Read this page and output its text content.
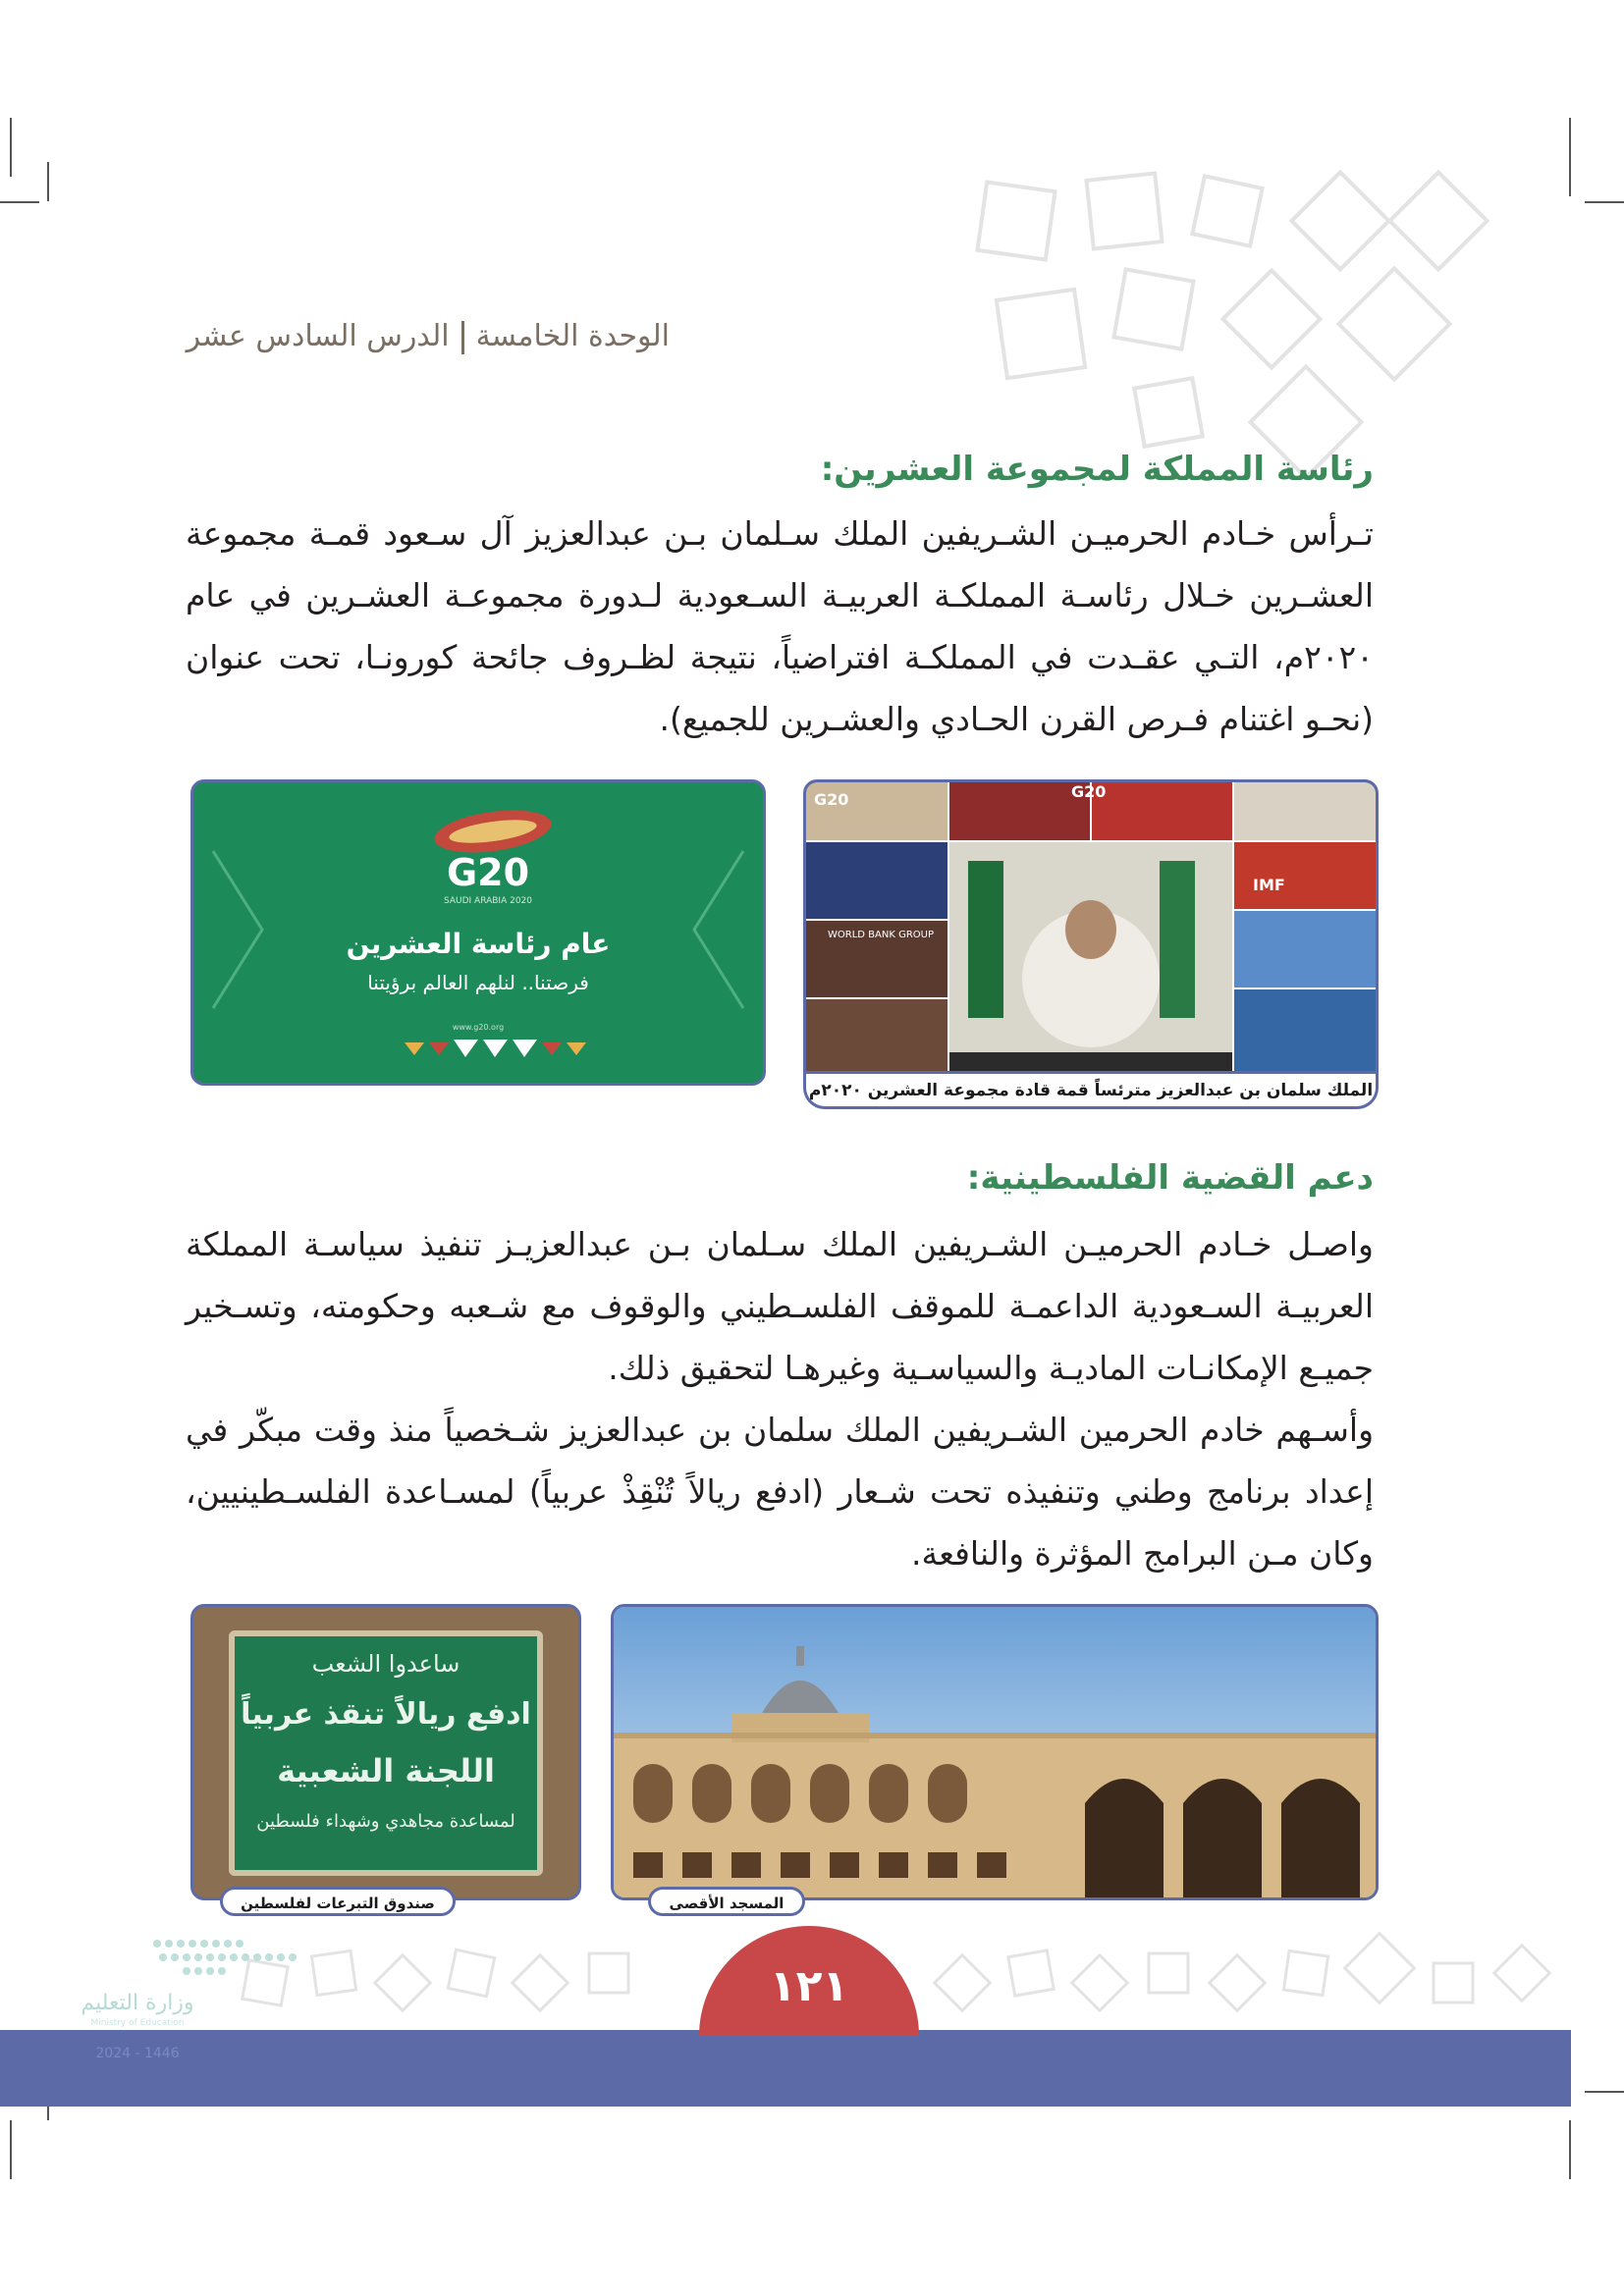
الوحدة الخامسةالدرس السادس عشر
رئاسة المملكة لمجموعة العشرين:
تـرأس خـادم الحرميـن الشـريفين الملك سـلمان بـن عبدالعزيز آل سـعود قمـة مجموعة العشـرين خـلال رئاسـة المملكـة العربيـة السـعودية لـدورة مجموعـة العشـرين في عام ٢٠٢٠م، التـي عقـدت في المملكـة افتراضياً، نتيجة لظـروف جائحة كورونـا، تحت عنوان (نحـو اغتنام فـرص القرن الحـادي والعشـرين للجميع).
G20
SAUDI ARABIA 2020
عام رئاسة العشرين
فرصتنا.. لنلهم العالم برؤيتنا
www.g20.org
G20
IMF
WORLD BANK GROUP
G20
الملك سلمان بن عبدالعزيز مترئساً قمة قادة مجموعة العشرين ٢٠٢٠م
دعم القضية الفلسطينية:
واصـل خـادم الحرميـن الشـريفين الملك سـلمان بـن عبدالعزيـز تنفيذ سياسـة المملكة العربيـة السـعودية الداعمـة للموقف الفلسـطيني والوقوف مع شـعبه وحكومته، وتسـخير جميـع الإمكانـات الماديـة والسياسـية وغيرهـا لتحقيق ذلك.
وأسـهم خادم الحرمين الشـريفين الملك سلمان بن عبدالعزيز شـخصياً منذ وقت مبكّر في إعداد برنامج وطني وتنفيذه تحت شـعار (ادفع ريالاً تُنْقِذْ عربياً) لمسـاعدة الفلسـطينيين، وكان مـن البرامج المؤثرة والنافعة.
ساعدوا الشعب
ادفع ريالاً تنقذ عربياً
اللجنة الشعبية
لمساعدة مجاهدي وشهداء فلسطين
صندوق التبرعات لفلسطين	المسجد الأقصى
وزارة التعليم
Ministry of Education
2024 - 1446
١٢١
